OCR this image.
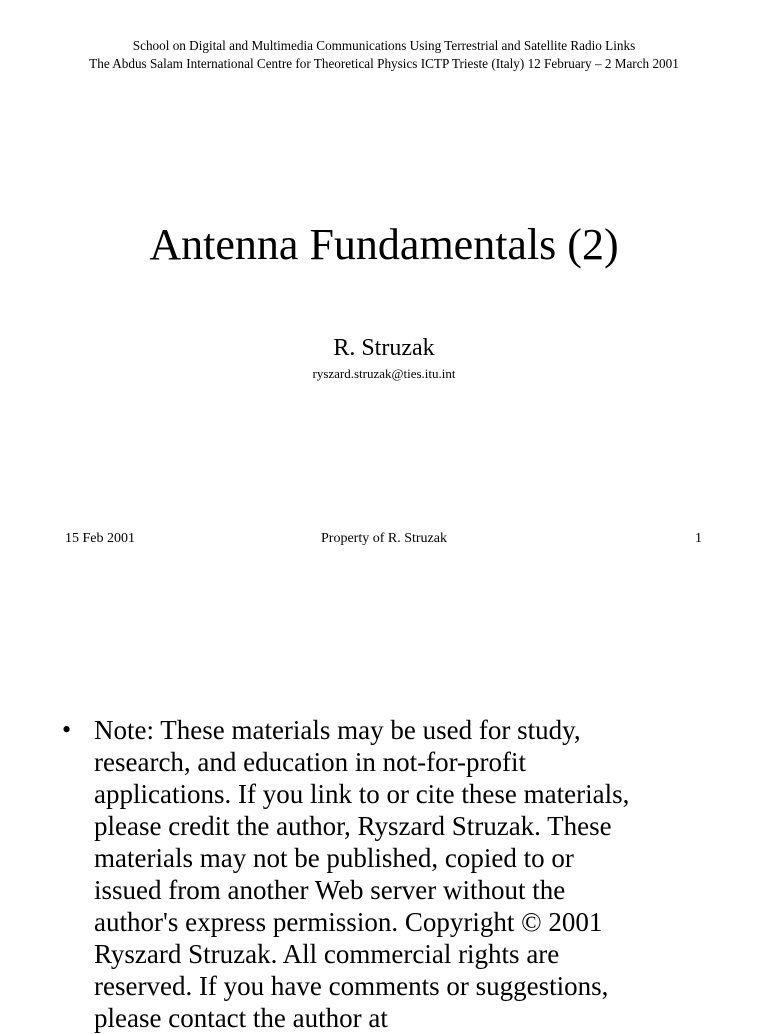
School on Digital and Multimedia Communications Using Terrestrial and Satellite Radio Links
The Abdus Salam International Centre for Theoretical Physics ICTP Trieste (Italy) 12 February – 2 March 2001
Antenna Fundamentals (2)
R. Struzak
ryszard.struzak@ties.itu.int
15 Feb 2001	Property of R. Struzak	1
• Note: These materials may be used for study,
research, and education in not-for-profit
applications. If you link to or cite these materials,
please credit the author, Ryszard Struzak. These
materials may not be published, copied to or
issued from another Web server without the
author's express permission. Copyright © 2001
Ryszard Struzak. All commercial rights are
reserved. If you have comments or suggestions,
please contact the author at
